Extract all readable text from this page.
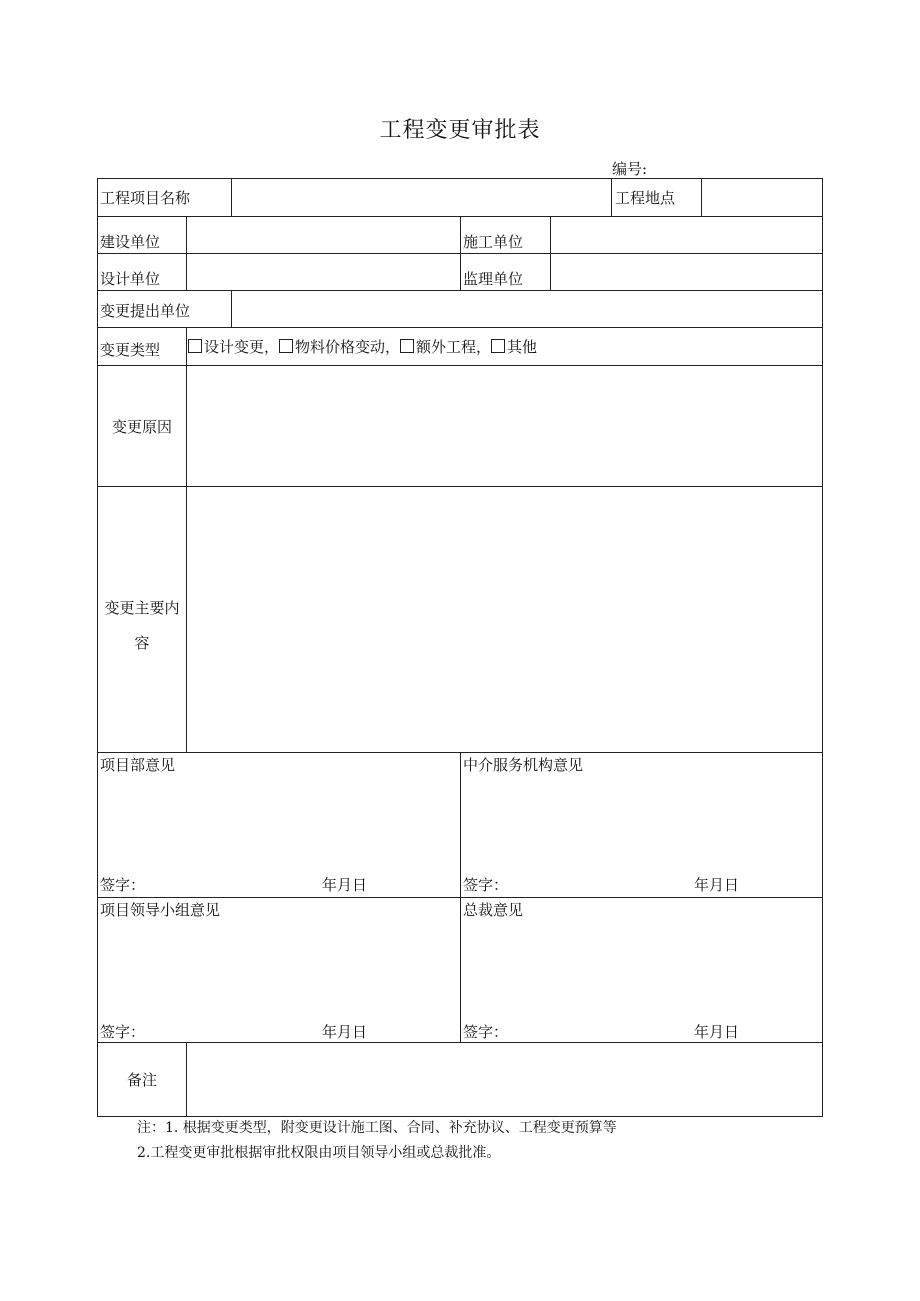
工程变更审批表
编号:
工程项目名称	工程地点
建设单位	施工单位
设计单位	监理单位
变更提出单位
变更类型	设计变更， 物料价格变动， 额外工程， 其他
变更原因
变更主要内
容
项目部意见
签字：	年月日
中介服务机构意见
签字：	年月日
项目领导小组意见
签字：	年月日
总裁意见
签字：	年月日
备注
注：1. 根据变更类型，附变更设计施工图、合同、补充协议、工程变更预算等
2.工程变更审批根据审批权限由项目领导小组或总裁批准。
